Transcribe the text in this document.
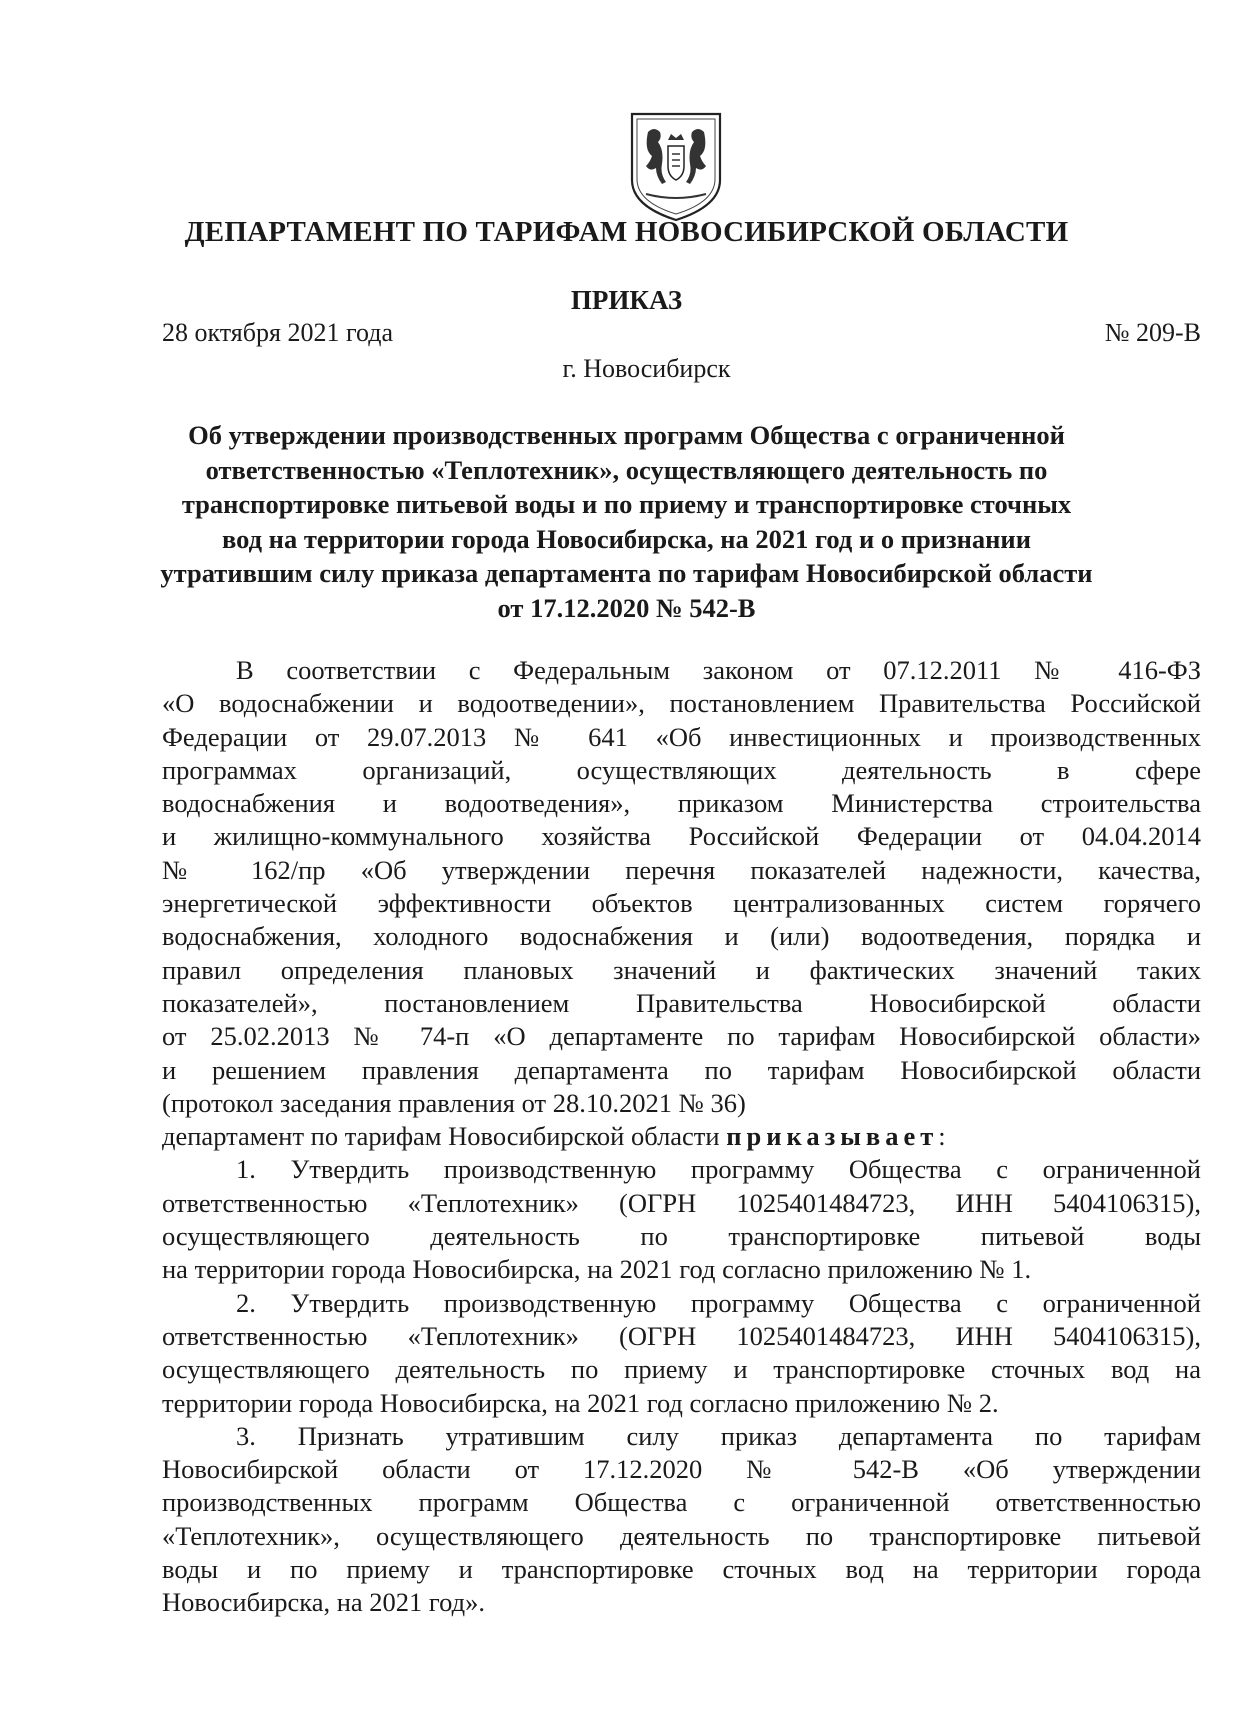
ДЕПАРТАМЕНТ ПО ТАРИФАМ НОВОСИБИРСКОЙ ОБЛАСТИ
ПРИКАЗ
28 октября 2021 года	№ 209-В
г. Новосибирск
Об утверждении производственных программ Общества с ограниченной
ответственностью «Теплотехник», осуществляющего деятельность по
транспортировке питьевой воды и по приему и транспортировке сточных
вод на территории города Новосибирска, на 2021 год и о признании
утратившим силу приказа департамента по тарифам Новосибирской области
от 17.12.2020 № 542-В
В соответствии с Федеральным законом от 07.12.2011 № 416-ФЗ
«О водоснабжении и водоотведении», постановлением Правительства Российской
Федерации от 29.07.2013 № 641 «Об инвестиционных и производственных
программах организаций, осуществляющих деятельность в сфере
водоснабжения и водоотведения», приказом Министерства строительства
и жилищно-коммунального хозяйства Российской Федерации от 04.04.2014
№ 162/пр «Об утверждении перечня показателей надежности, качества,
энергетической эффективности объектов централизованных систем горячего
водоснабжения, холодного водоснабжения и (или) водоотведения, порядка и
правил определения плановых значений и фактических значений таких
показателей», постановлением Правительства Новосибирской области
от 25.02.2013 № 74-п «О департаменте по тарифам Новосибирской области»
и решением правления департамента по тарифам Новосибирской области
(протокол заседания правления от 28.10.2021 № 36)
департамент по тарифам Новосибирской области приказывает:
1. Утвердить производственную программу Общества с ограниченной
ответственностью «Теплотехник» (ОГРН 1025401484723, ИНН 5404106315),
осуществляющего деятельность по транспортировке питьевой воды
на территории города Новосибирска, на 2021 год согласно приложению № 1.
2. Утвердить производственную программу Общества с ограниченной
ответственностью «Теплотехник» (ОГРН 1025401484723, ИНН 5404106315),
осуществляющего деятельность по приему и транспортировке сточных вод на
территории города Новосибирска, на 2021 год согласно приложению № 2.
3. Признать утратившим силу приказ департамента по тарифам
Новосибирской области от 17.12.2020 № 542-В «Об утверждении
производственных программ Общества с ограниченной ответственностью
«Теплотехник», осуществляющего деятельность по транспортировке питьевой
воды и по приему и транспортировке сточных вод на территории города
Новосибирска, на 2021 год».
